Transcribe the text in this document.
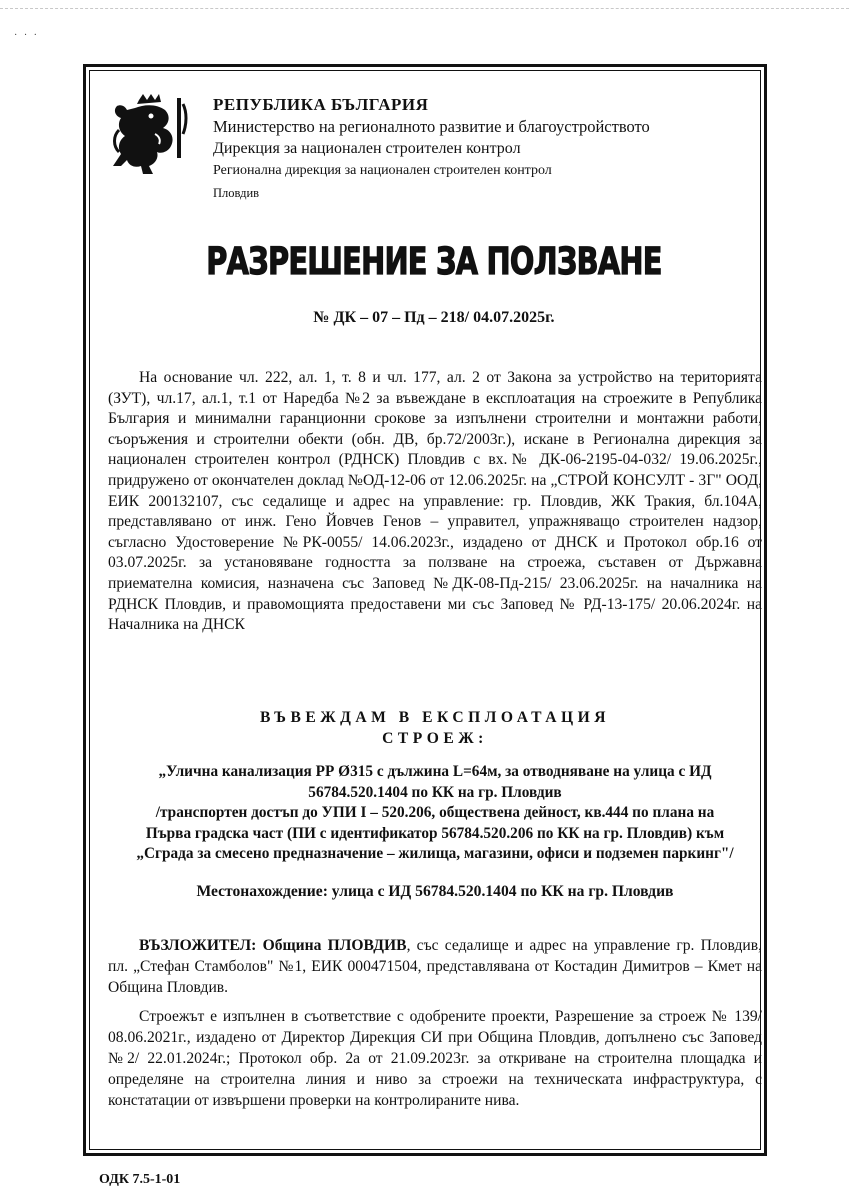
· · ·
РЕПУБЛИКА БЪЛГАРИЯ
Министерство на регионалното развитие и благоустройството
Дирекция за национален строителен контрол
Регионална дирекция за национален строителен контрол
Пловдив
РАЗРЕШЕНИЕ ЗА ПОЛЗВАНЕ
№ ДК – 07 – Пд – 218/ 04.07.2025г.
На основание чл. 222, ал. 1, т. 8 и чл. 177, ал. 2 от Закона за устройство на територията (ЗУТ), чл.17, ал.1, т.1 от Наредба №2 за въвеждане в експлоатация на строежите в Република България и минимални гаранционни срокове за изпълнени строителни и монтажни работи, съоръжения и строителни обекти (обн. ДВ, бр.72/2003г.), искане в Регионална дирекция за национален строителен контрол (РДНСК) Пловдив с вх.№ ДК-06-2195-04-032/ 19.06.2025г., придружено от окончателен доклад №ОД-12-06 от 12.06.2025г. на „СТРОЙ КОНСУЛТ - 3Г" ООД, ЕИК 200132107, със седалище и адрес на управление: гр. Пловдив, ЖК Тракия, бл.104А, представлявано от инж. Гено Йовчев Генов – управител, упражняващо строителен надзор, съгласно Удостоверение №РК-0055/ 14.06.2023г., издадено от ДНСК и Протокол обр.16 от 03.07.2025г. за установяване годността за ползване на строежа, съставен от Държавна приемателна комисия, назначена със Заповед №ДК-08-Пд-215/ 23.06.2025г. на началника на РДНСК Пловдив, и правомощията предоставени ми със Заповед № РД-13-175/ 20.06.2024г. на Началника на ДНСК
ВЪВЕЖДАМ В ЕКСПЛОАТАЦИЯ
СТРОЕЖ:
„Улична канализация РР Ø315 с дължина L=64м, за отводняване на улица с ИД
56784.520.1404 по КК на гр. Пловдив
/транспортен достъп до УПИ I – 520.206, обществена дейност, кв.444 по плана на
Първа градска част (ПИ с идентификатор 56784.520.206 по КК на гр. Пловдив) към
„Сграда за смесено предназначение – жилища, магазини, офиси и подземен паркинг"/
Местонахождение: улица с ИД 56784.520.1404 по КК на гр. Пловдив
ВЪЗЛОЖИТЕЛ: Община ПЛОВДИВ, със седалище и адрес на управление гр. Пловдив, пл. „Стефан Стамболов" №1, ЕИК 000471504, представлявана от Костадин Димитров – Кмет на Община Пловдив.
Строежът е изпълнен в съответствие с одобрените проекти, Разрешение за строеж № 139/ 08.06.2021г., издадено от Директор Дирекция СИ при Община Пловдив, допълнено със Заповед №2/ 22.01.2024г.; Протокол обр. 2а от 21.09.2023г. за откриване на строителна площадка и определяне на строителна линия и ниво за строежи на техническата инфраструктура, с констатации от извършени проверки на контролираните нива.
ОДК 7.5-1-01
